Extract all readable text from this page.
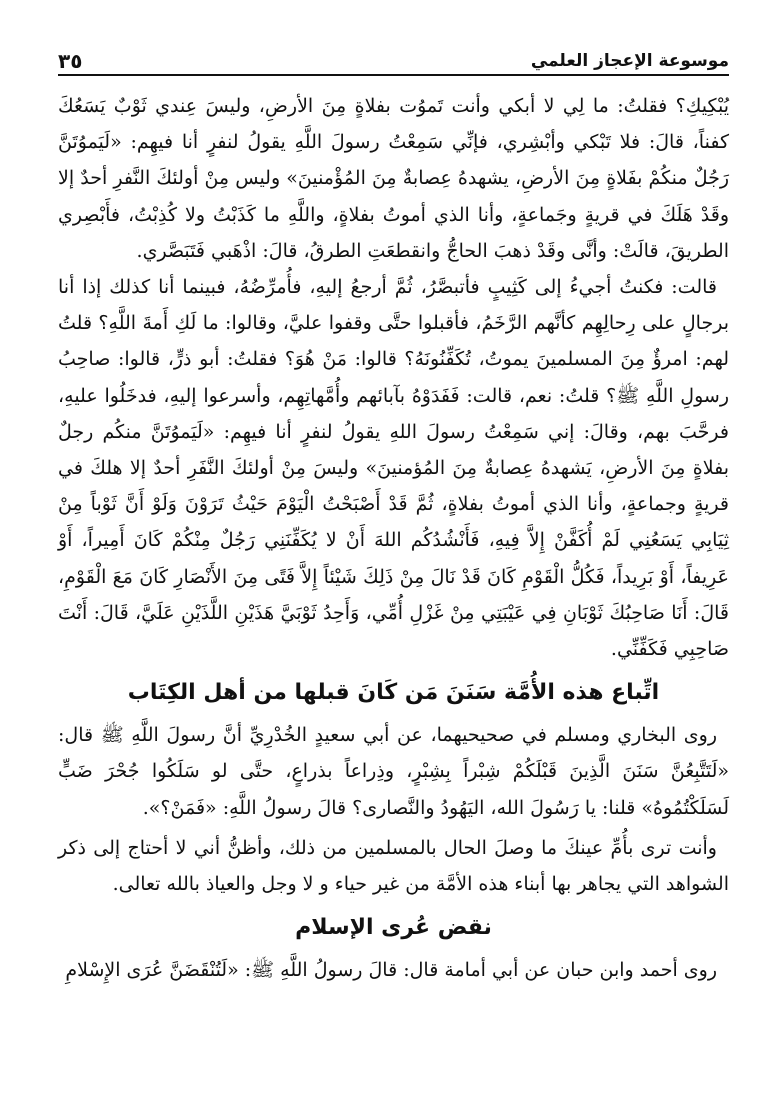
٣٥	موسوعة الإعجاز العلمي

يُبْكِيكِ؟ فقلتُ: ما لِي لا أبكي وأنت تَموُت بفلاةٍ مِنَ الأرضِ، وليسَ عِندي ثَوْبٌ يَسَعُكَ كفناً، قالَ: فلا تَبْكي وأبْشِري، فإنِّي سَمِعْتُ رسولَ اللَّهِ يقولُ لنفرٍ أنا فيهِم: «لَيَموُتَنَّ رَجُلٌ منكُمْ بفَلاةٍ مِنَ الأرضِ، يشهدهُ عِصابةٌ مِنَ المُؤْمنينَ» وليس مِنْ أولئكَ النَّفرِ أحدٌ إلا وقَدْ هَلَكَ في قريةٍ وجَماعةٍ، وأنا الذي أموتُ بفلاةٍ، واللَّهِ ما كَذَبْتُ ولا كُذِبْتُ، فأَبْصِري الطريقَ، قالَتْ: وأنَّى وقَدْ ذهبَ الحاجُّ وانقطعَتِ الطرقُ، قالَ: اذْهَبي فَتَبَصَّري.

قالت: فكنتُ أجيءُ إلى كَثِيبٍ فأتبصَّرُ، ثُمَّ أرجعُ إليهِ، فأُمرِّضُهُ، فبينما أنا كذلك إذا أنا برجالٍ على رِحالِهِم كأنَّهم الرَّخَمُ، فأقبلوا حتَّى وقفوا عليَّ، وقالوا: ما لَكِ أَمةَ اللَّهِ؟ قلتُ لهم: امرؤٌ مِنَ المسلمينَ يموتُ، تُكَفِّنُونَهُ؟ قالوا: مَنْ هُوَ؟ فقلتُ: أبو ذرٍّ، قالوا: صاحِبُ رسولِ اللَّهِ ﷺ؟ قلتُ: نعم، قالت: فَفَدَوْهُ بآبائهم وأُمَّهاتِهِم، وأسرعوا إليهِ، فدخَلُوا عليهِ، فرحَّبَ بهم، وقالَ: إني سَمِعْتُ رسولَ اللهِ يقولُ لنفرٍ أنا فيهِم: «لَيَموُتَنَّ منكُم رجلٌ بفلاةٍ مِنَ الأرضِ، يَشهدهُ عِصابةٌ مِنَ المُؤمنينَ» وليسَ مِنْ أولئكَ النَّفَرِ أحدٌ إلا هلكَ في قريةٍ وجماعةٍ، وأنا الذي أموتُ بفلاةٍ، ثُمَّ قَدْ أَصْبَحْتُ الْيَوْمَ حَيْثُ تَرَوْنَ وَلَوْ أَنَّ ثَوْباً مِنْ ثِيَابِي يَسَعُنِي لَمْ أُكَفَّنْ إِلاَّ فِيهِ، فَأَنْشُدُكُم اللهَ أَنْ لا يُكَفِّنَنِي رَجُلٌ مِنْكُمْ كَانَ أَمِيراً، أَوْ عَرِيفاً، أَوْ بَرِيداً، فَكُلُّ الْقَوْمِ كَانَ قَدْ نَالَ مِنْ ذَلِكَ شَيْئاً إِلاَّ فَتًى مِنَ الأَنْصَارِ كَانَ مَعَ الْقَوْمِ، قَالَ: أَنَا صَاحِبُكَ ثَوْبَانِ فِي عَيْبَتِي مِنْ غَزْلِ أُمِّي، وَأَحِدُ ثَوْبَيَّ هَذَيْنِ اللَّذَيْنِ عَلَيَّ، قَالَ: أَنْتَ صَاحِبِي فَكَفِّنِّي.

اتِّباع هذه الأُمَّة سَنَنَ مَن كَانَ قبلها من أهل الكِتَاب

روى البخاري ومسلم في صحيحيهما، عن أبي سعيدٍ الخُدْرِيِّ أنَّ رسولَ اللَّهِ ﷺ قال: «لَتَتَّبِعُنَّ سَنَنَ الَّذِينَ قَبْلَكُمْ شِبْراً بِشِبْرٍ، وذِراعاً بذراعٍ، حتَّى لو سَلَكُوا جُحْرَ ضَبٍّ لَسَلَكْتُمُوهُ» قلنا: يا رَسُولَ الله، اليَهُودُ والنَّصارى؟ قالَ رسولُ اللَّهِ: «فَمَنْ؟».

وأنت ترى بأُمِّ عينكَ ما وصلَ الحال بالمسلمين من ذلك، وأظنُّ أني لا أحتاج إلى ذكر الشواهد التي يجاهر بها أبناء هذه الأمَّة من غير حياء و لا وجل والعياذ بالله تعالى.

نقض عُرى الإسلام

روى أحمد وابن حبان عن أبي أمامة قال: قالَ رسولُ اللَّهِ ﷺ: «لَتُنْقَضَنَّ عُرَى الإِسْلامِ
